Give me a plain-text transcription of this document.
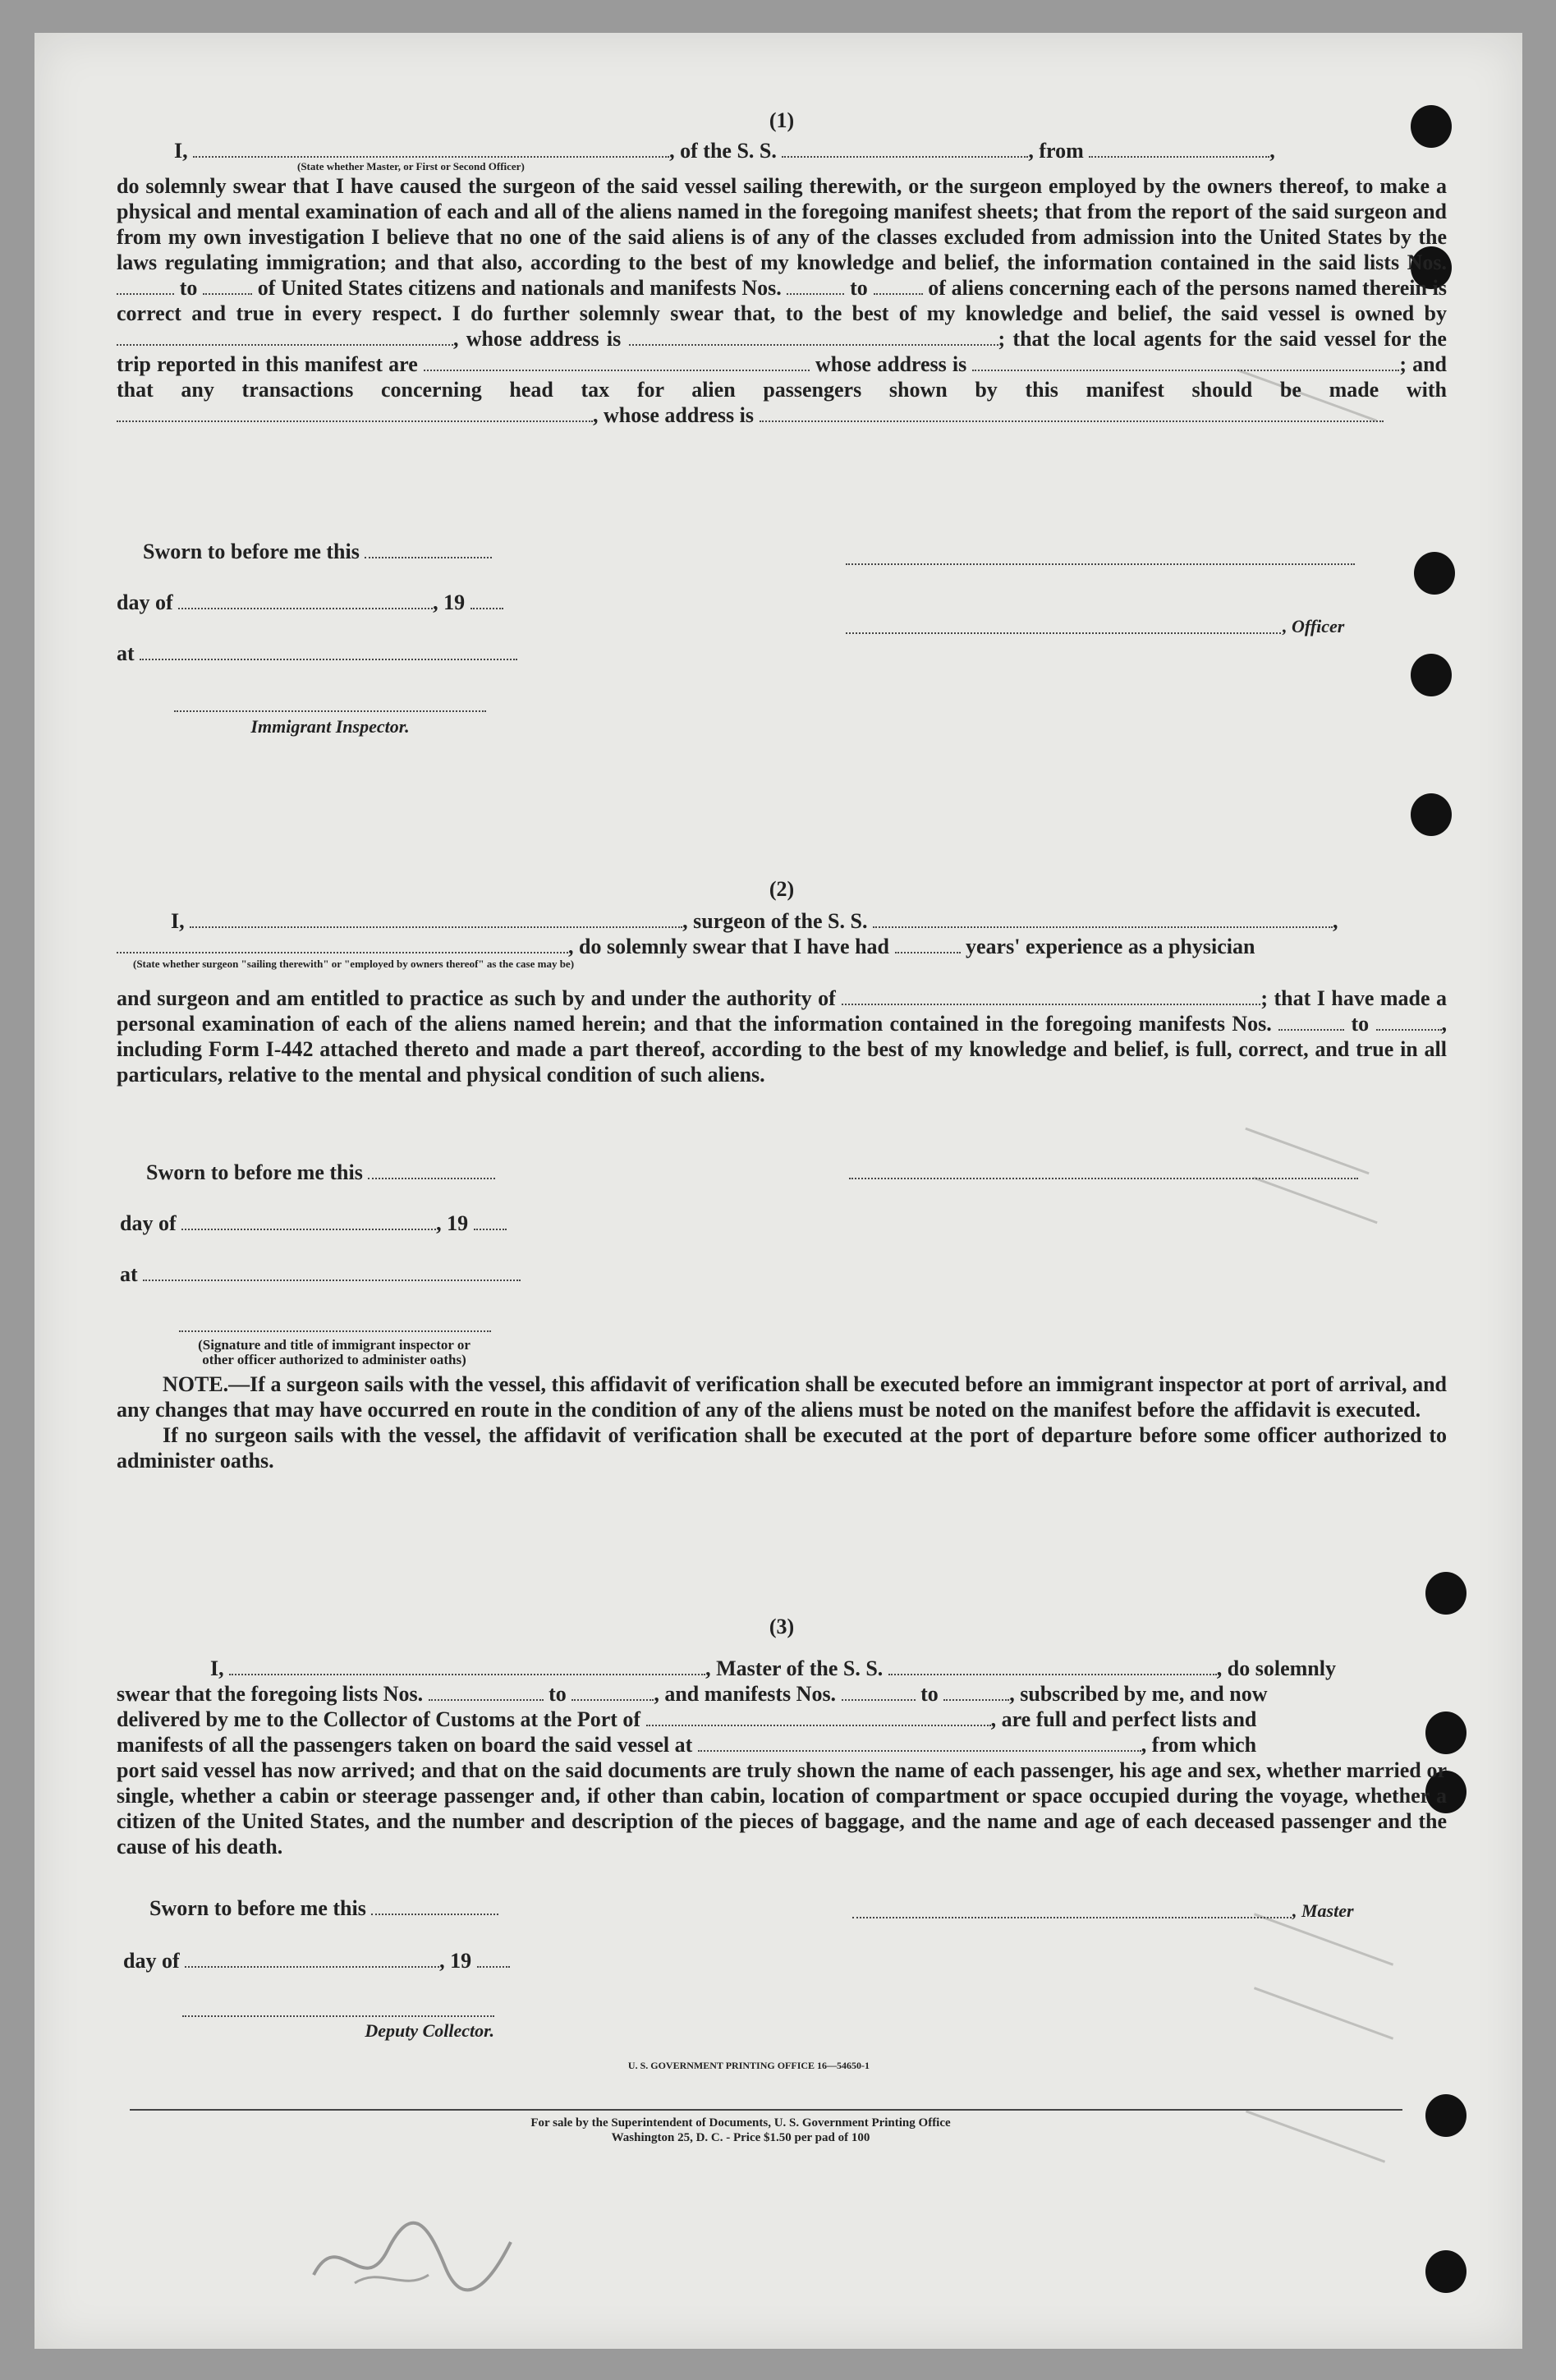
(1)
I,	, of the S. S.	, from	,
(State whether Master, or First or Second Officer)

do solemnly swear that I have caused the surgeon of the said vessel sailing therewith, or the surgeon employed by the owners thereof, to make a physical and mental examination of each and all of the aliens named in the foregoing manifest sheets; that from the report of the said surgeon and from my own investigation I believe that no one of the said aliens is of any of the classes excluded from admission into the United States by the laws regulating immigration; and that also, according to the best of my knowledge and belief, the information contained in the said lists Nos.  to	of United States citizens and nationals and manifests Nos.	to	of aliens concerning each of the persons named therein is correct and true in every respect. I do further solemnly swear that, to the best of my knowledge and belief, the said vessel is owned by , whose address is	; that the local agents for the said vessel for the trip reported in this manifest are	whose address is	; and that any transactions concerning head tax for alien passengers shown by this manifest should be made with , whose address is

Sworn to before me this
day of	, 19
at
Immigrant Inspector.
, Officer
(2)
I,	, surgeon of the S. S.	,
, do solemnly swear that I have had	years' experience as a physician
(State whether surgeon "sailing therewith" or "employed by owners thereof" as the case may be)

and surgeon and am entitled to practice as such by and under the authority of	; that I have made a personal examination of each of the aliens named herein; and that the information contained in the foregoing manifests Nos.	to	, including Form I-442 attached thereto and made a part thereof, according to the best of my knowledge and belief, is full, correct, and true in all particulars, relative to the mental and physical condition of such aliens.

Sworn to before me this
day of	, 19
at
(Signature and title of immigrant inspector or
other officer authorized to administer oaths)

NOTE.—If a surgeon sails with the vessel, this affidavit of verification shall be executed before an immigrant inspector at port of arrival, and any changes that may have occurred en route in the condition of any of the aliens must be noted on the manifest before the affidavit is executed.

If no surgeon sails with the vessel, the affidavit of verification shall be executed at the port of departure before some officer authorized to administer oaths.

(3)
I,	, Master of the S. S.	, do solemnly
swear that the foregoing lists Nos.	to	, and manifests Nos.	to	, subscribed by me, and now
delivered by me to the Collector of Customs at the Port of	, are full and perfect lists and
manifests of all the passengers taken on board the said vessel at	, from which

port said vessel has now arrived; and that on the said documents are truly shown the name of each passenger, his age and sex, whether married or single, whether a cabin or steerage passenger and, if other than cabin, location of compartment or space occupied during the voyage, whether a citizen of the United States, and the number and description of the pieces of baggage, and the name and age of each deceased passenger and the cause of his death.

Sworn to before me this
day of	, 19
Deputy Collector.
, Master
U. S. GOVERNMENT PRINTING OFFICE 16—54650-1
For sale by the Superintendent of Documents, U. S. Government Printing Office
Washington 25, D. C. - Price $1.50 per pad of 100
